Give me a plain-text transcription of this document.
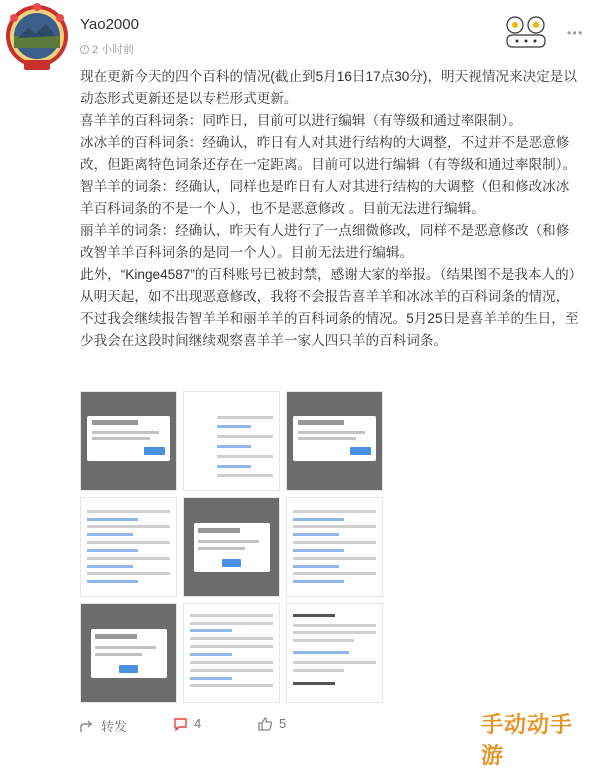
Yao2000
2 小时前
• • •

现在更新今天的四个百科的情况(截止到5月16日17点30分)，明天视情况来决定是以动态形式更新还是以专栏形式更新。

喜羊羊的百科词条：同昨日，目前可以进行编辑（有等级和通过率限制）。

冰冰羊的百科词条：经确认，昨日有人对其进行结构的大调整，不过并不是恶意修改，但距离特色词条还存在一定距离。目前可以进行编辑（有等级和通过率限制）。

智羊羊的词条：经确认，同样也是昨日有人对其进行结构的大调整（但和修改冰冰羊百科词条的不是一个人），也不是恶意修改 。目前无法进行编辑。

丽羊羊的词条：经确认，昨天有人进行了一点细微修改，同样不是恶意修改（和修改智羊羊百科词条的是同一个人）。目前无法进行编辑。

此外，“Kinge4587”的百科账号已被封禁，感谢大家的举报。（结果图不是我本人的）

从明天起，如不出现恶意修改，我将不会报告喜羊羊和冰冰羊的百科词条的情况，不过我会继续报告智羊羊和丽羊羊的百科词条的情况。5月25日是喜羊羊的生日，至少我会在这段时间继续观察喜羊羊一家人四只羊的百科词条。

转发	4	5	手动动手游
